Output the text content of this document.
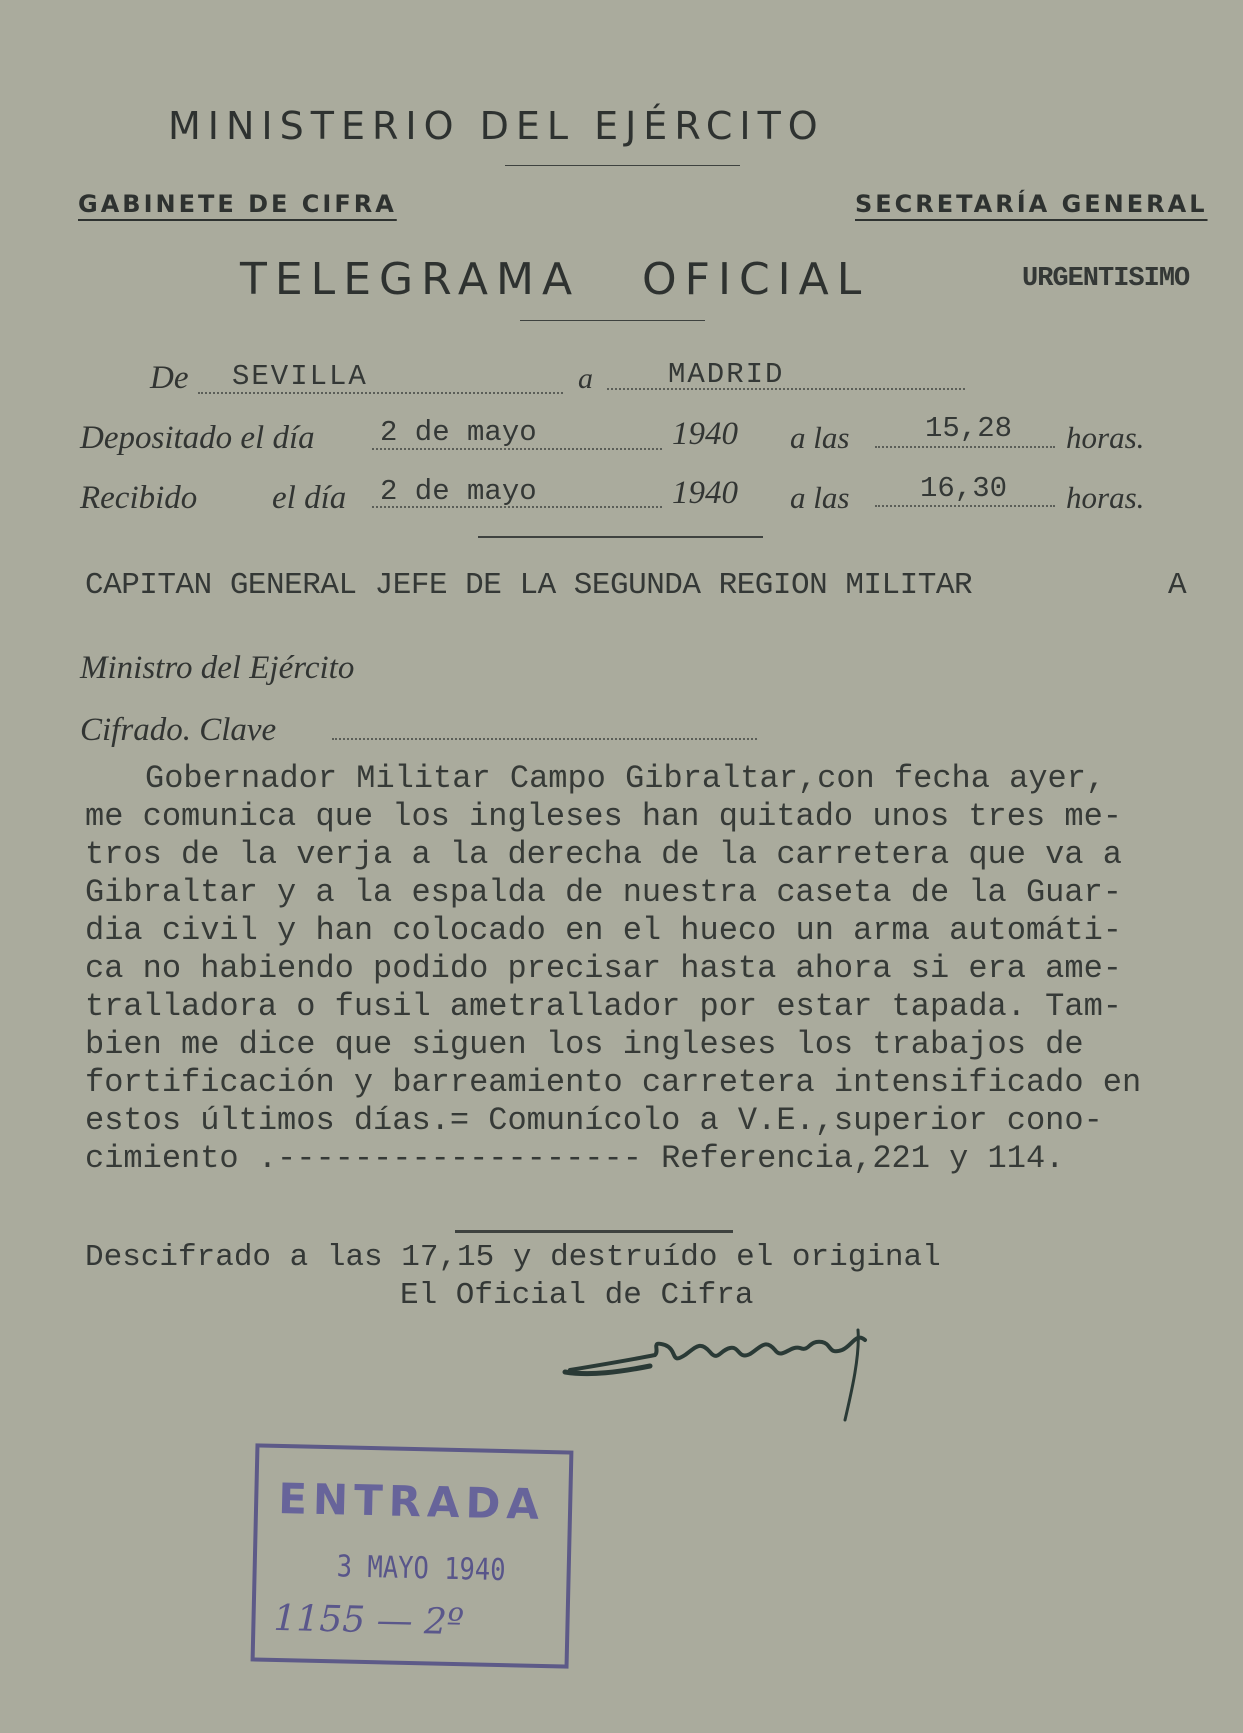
MINISTERIO DEL EJÉRCITO
GABINETE DE CIFRA	SECRETARÍA GENERAL
TELEGRAMA OFICIAL	URGENTISIMO
De SEVILLA	a	MADRID
Depositado el día 2 de mayo	1940 a las	15,28 horas.
Recibido el día 2 de mayo	1940 a las 16,30 horas.
CAPITAN GENERAL JEFE DE LA SEGUNDA REGION MILITAR	A
Ministro del Ejército
Cifrado. Clave
Gobernador Militar Campo Gibraltar,con fecha ayer,
me comunica que los ingleses han quitado unos tres me-
tros de la verja a la derecha de la carretera que va a
Gibraltar y a la espalda de nuestra caseta de la Guar-
dia civil y han colocado en el hueco un arma automáti-
ca no habiendo podido precisar hasta ahora si era ame-
tralladora o fusil ametrallador por estar tapada. Tam-
bien me dice que siguen los ingleses los trabajos de
fortificación y barreamiento carretera intensificado en
estos últimos días.= Comunícolo a V.E.,superior cono-
cimiento .------------------- Referencia,221 y 114.
Descifrado a las 17,15 y destruído el original
El Oficial de Cifra
ENTRADA
3 MAYO 1940
1155 — 2º
